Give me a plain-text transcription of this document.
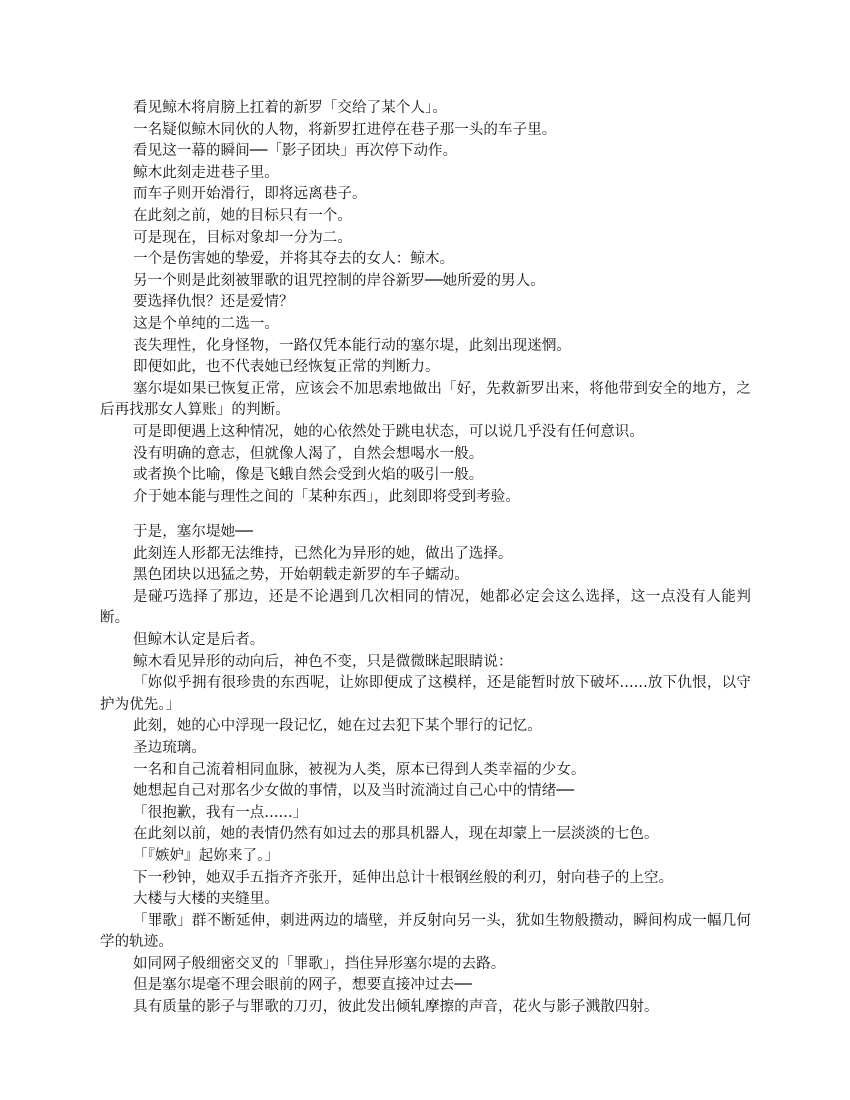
看见鲸木将肩膀上扛着的新罗「交给了某个人」。

一名疑似鲸木同伙的人物，将新罗扛进停在巷子那一头的车子里。

看见这一幕的瞬间──「影子团块」再次停下动作。

鲸木此刻走进巷子里。

而车子则开始滑行，即将远离巷子。

在此刻之前，她的目标只有一个。

可是现在，目标对象却一分为二。

一个是伤害她的挚爱，并将其夺去的女人：鲸木。

另一个则是此刻被罪歌的诅咒控制的岸谷新罗──她所爱的男人。

要选择仇恨？还是爱情？

这是个单纯的二选一。

丧失理性，化身怪物，一路仅凭本能行动的塞尔堤，此刻出现迷惘。

即便如此，也不代表她已经恢复正常的判断力。

塞尔堤如果已恢复正常，应该会不加思索地做出「好，先救新罗出来，将他带到安全的地方，之后再找那女人算账」的判断。

可是即便遇上这种情况，她的心依然处于跳电状态，可以说几乎没有任何意识。

没有明确的意志，但就像人渴了，自然会想喝水一般。

或者换个比喻，像是飞蛾自然会受到火焰的吸引一般。

介于她本能与理性之间的「某种东西」，此刻即将受到考验。

于是，塞尔堤她──

此刻连人形都无法维持，已然化为异形的她，做出了选择。

黑色团块以迅猛之势，开始朝载走新罗的车子蠕动。

是碰巧选择了那边，还是不论遇到几次相同的情况，她都必定会这么选择，这一点没有人能判断。

但鲸木认定是后者。

鲸木看见异形的动向后，神色不变，只是微微眯起眼睛说：

「妳似乎拥有很珍贵的东西呢，让妳即便成了这模样，还是能暂时放下破坏......放下仇恨，以守护为优先。」

此刻，她的心中浮现一段记忆，她在过去犯下某个罪行的记忆。

圣边琉璃。

一名和自己流着相同血脉，被视为人类，原本已得到人类幸福的少女。

她想起自己对那名少女做的事情，以及当时流淌过自己心中的情绪──

「很抱歉，我有一点......」

在此刻以前，她的表情仍然有如过去的那具机器人，现在却蒙上一层淡淡的七色。

「『嫉妒』起妳来了。」

下一秒钟，她双手五指齐齐张开，延伸出总计十根钢丝般的利刃，射向巷子的上空。

大楼与大楼的夹缝里。

「罪歌」群不断延伸，刺进两边的墙壁，并反射向另一头，犹如生物般攒动，瞬间构成一幅几何学的轨迹。

如同网子般细密交叉的「罪歌」，挡住异形塞尔堤的去路。

但是塞尔堤毫不理会眼前的网子，想要直接冲过去──

具有质量的影子与罪歌的刀刃，彼此发出倾轧摩擦的声音，花火与影子溅散四射。
